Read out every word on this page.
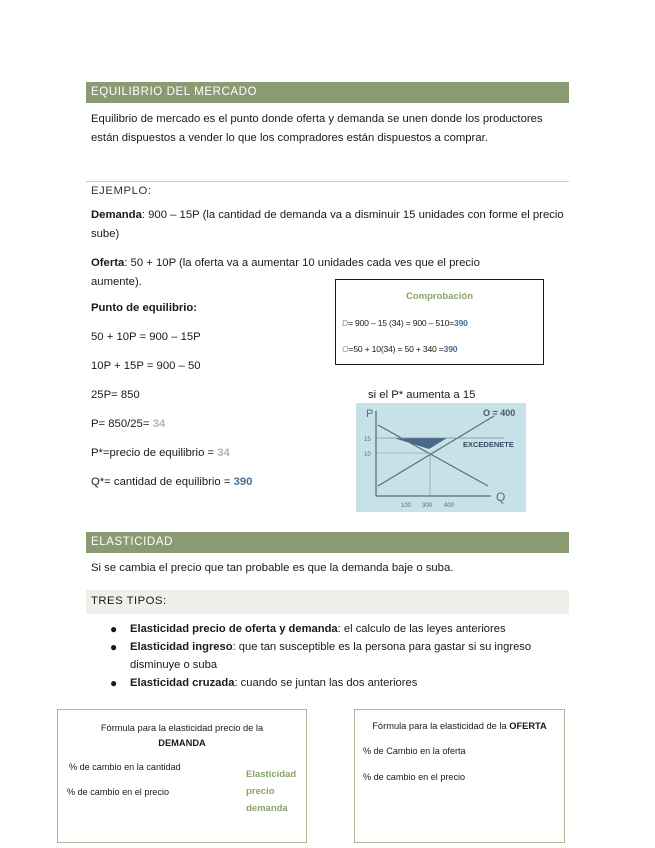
EQUILIBRIO DEL MERCADO
Equilibrio de mercado es el punto donde oferta y demanda se unen donde los productores están dispuestos a vender lo que los compradores están dispuestos a comprar.
EJEMPLO:
Demanda: 900 – 15P (la cantidad de demanda va a disminuir 15 unidades con forme el precio sube)
Oferta: 50 + 10P (la oferta va a aumentar 10 unidades cada ves que el precio aumente).
Punto de equilibrio:
50 + 10P = 900 – 15P
10P + 15P = 900 – 50
25P= 850
P= 850/25= 34
P*=precio de equilibrio = 34
Q*= cantidad de equilibrio = 390
Comprobación
D= 900 – 15 (34) = 900 – 510=390
O=50 + 10(34) = 50 + 340 =390
si el P* aumenta a 15
P
Q
O = 400
EXCEDENETE
15
10
100 300 400
ELASTICIDAD
Si se cambia el precio que tan probable es que la demanda baje o suba.
TRES TIPOS:
● Elasticidad precio de oferta y demanda: el calculo de las leyes anteriores
● Elasticidad ingreso: que tan susceptible es la persona para gastar si su ingreso disminuye o suba
● Elasticidad cruzada: cuando se juntan las dos anteriores
Fórmula para la elasticidad precio de la
DEMANDA
% de cambio en la cantidad
% de cambio en el precio
Elasticidad precio demanda
Fórmula para la elasticidad de la OFERTA
% de Cambio en la oferta
% de cambio en el precio
